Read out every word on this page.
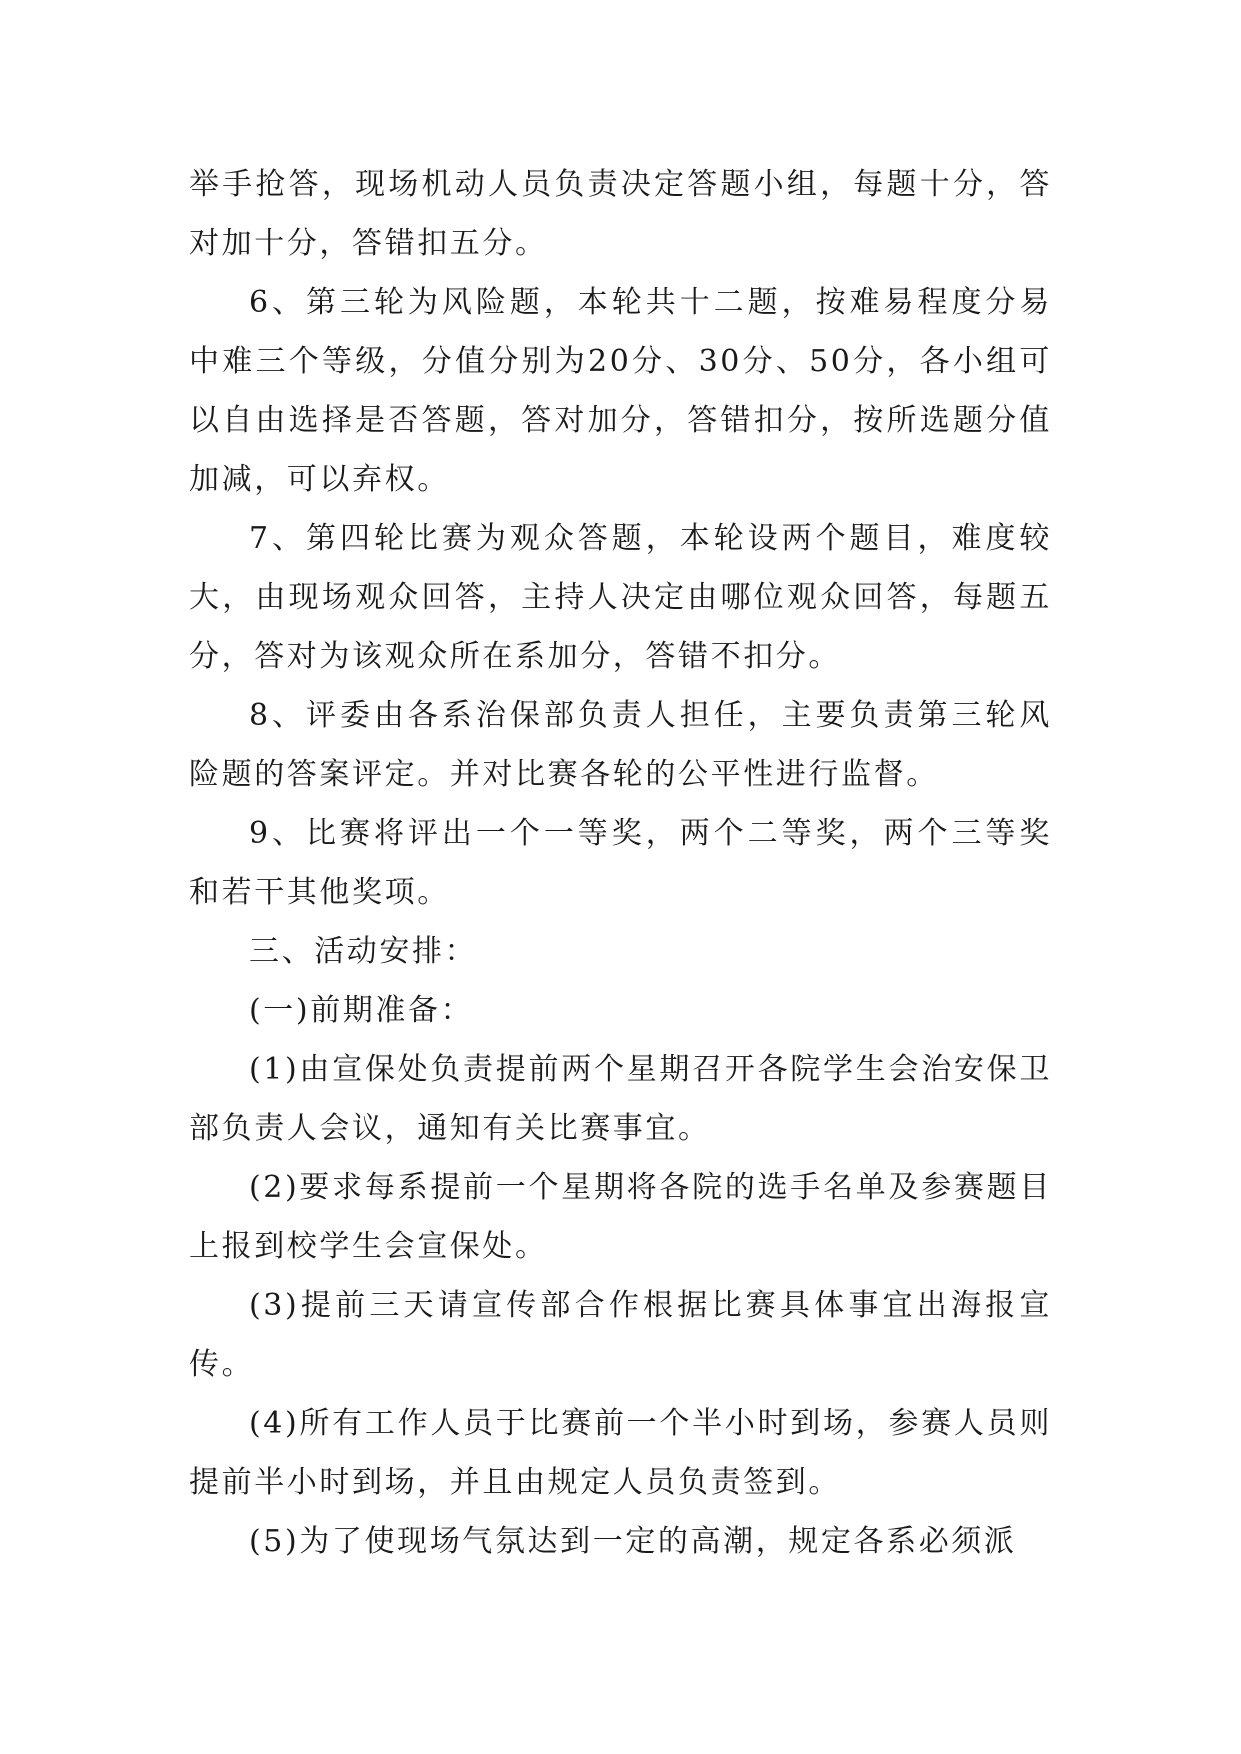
举手抢答，现场机动人员负责决定答题小组，每题十分，答对加十分，答错扣五分。

6、第三轮为风险题，本轮共十二题，按难易程度分易中难三个等级，分值分别为20分、30分、50分，各小组可以自由选择是否答题，答对加分，答错扣分，按所选题分值加减，可以弃权。

7、第四轮比赛为观众答题，本轮设两个题目，难度较大，由现场观众回答，主持人决定由哪位观众回答，每题五分，答对为该观众所在系加分，答错不扣分。

8、评委由各系治保部负责人担任，主要负责第三轮风险题的答案评定。并对比赛各轮的公平性进行监督。

9、比赛将评出一个一等奖，两个二等奖，两个三等奖和若干其他奖项。

三、活动安排：

(一)前期准备：

(1)由宣保处负责提前两个星期召开各院学生会治安保卫部负责人会议，通知有关比赛事宜。

(2)要求每系提前一个星期将各院的选手名单及参赛题目上报到校学生会宣保处。

(3)提前三天请宣传部合作根据比赛具体事宜出海报宣传。

(4)所有工作人员于比赛前一个半小时到场，参赛人员则提前半小时到场，并且由规定人员负责签到。

(5)为了使现场气氛达到一定的高潮，规定各系必须派
